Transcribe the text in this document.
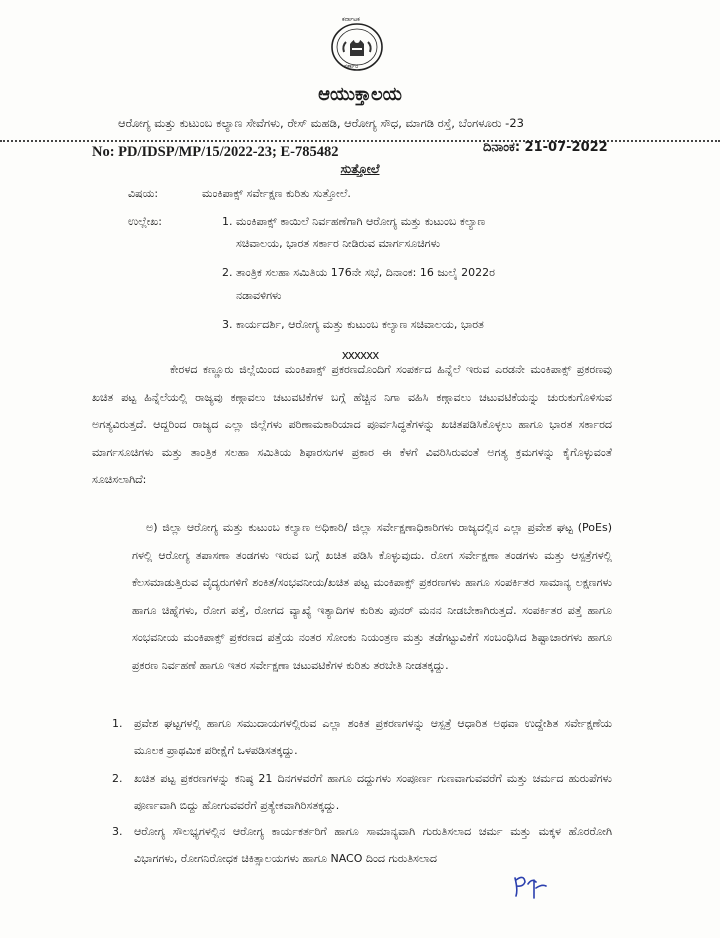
ಕರ್ನಾಟಕ
ಸರ್ಕಾರ
ಆಯುಕ್ತಾಲಯ
ಆರೋಗ್ಯ ಮತ್ತು ಕುಟುಂಬ ಕಲ್ಯಾಣ ಸೇವೆಗಳು, ರೇಸ್ ಮಹಡಿ, ಆರೋಗ್ಯ ಸೌಧ, ಮಾಗಡಿ ರಸ್ತೆ, ಬೆಂಗಳೂರು -23
No: PD/IDSP/MP/15/2022-23; E-785482	ದಿನಾಂಕ: 21-07-2022
ಸುತ್ತೋಲೆ
ವಿಷಯ:	ಮಂಕಿಪಾಕ್ಸ್ ಸರ್ವೇಕ್ಷಣ ಕುರಿತು ಸುತ್ತೋಲೆ.
ಉಲ್ಲೇಖ:	1. ಮಂಕಿಪಾಕ್ಸ್ ಕಾಯಿಲೆ ನಿರ್ವಹಣೆಗಾಗಿ ಆರೋಗ್ಯ ಮತ್ತು ಕುಟುಂಬ ಕಲ್ಯಾಣ
ಸಚಿವಾಲಯ, ಭಾರತ ಸರ್ಕಾರ ನೀಡಿರುವ ಮಾರ್ಗಸೂಚಿಗಳು
2. ತಾಂತ್ರಿಕ ಸಲಹಾ ಸಮಿತಿಯ 176ನೇ ಸಭೆ, ದಿನಾಂಕ: 16 ಜುಲೈ 2022ರ
ನಡಾವಳಿಗಳು
3. ಕಾರ್ಯದರ್ಶಿ, ಆರೋಗ್ಯ ಮತ್ತು ಕುಟುಂಬ ಕಲ್ಯಾಣ ಸಚಿವಾಲಯ, ಭಾರತ
xxxxxx
ಕೇರಳದ ಕಣ್ಣೂರು ಜಿಲ್ಲೆಯಿಂದ ಮಂಕಿಪಾಕ್ಸ್ ಪ್ರಕರಣದೊಂದಿಗೆ ಸಂಪರ್ಕದ ಹಿನ್ನೆಲೆ ಇರುವ ಎರಡನೇ ಮಂಕಿಪಾಕ್ಸ್ ಪ್ರಕರಣವು ಖಚಿತ ಪಟ್ಟ ಹಿನ್ನೆಲೆಯಲ್ಲಿ ರಾಜ್ಯವು ಕಣ್ಗಾವಲು ಚಟುವಟಿಕೆಗಳ ಬಗ್ಗೆ ಹೆಚ್ಚಿನ ನಿಗಾ ವಹಿಸಿ ಕಣ್ಗಾವಲು ಚಟುವಟಿಕೆಯನ್ನು ಚುರುಕುಗೊಳಿಸುವ ಅಗತ್ಯವಿರುತ್ತದೆ. ಆದ್ದರಿಂದ ರಾಜ್ಯದ ಎಲ್ಲಾ ಜಿಲ್ಲೆಗಳು ಪರಿಣಾಮಕಾರಿಯಾದ ಪೂರ್ವಸಿದ್ಧತೆಗಳನ್ನು ಖಚಿತಪಡಿಸಿಕೊಳ್ಳಲು ಹಾಗೂ ಭಾರತ ಸರ್ಕಾರದ ಮಾರ್ಗಸೂಚಿಗಳು ಮತ್ತು ತಾಂತ್ರಿಕ ಸಲಹಾ ಸಮಿತಿಯ ಶಿಫಾರಸುಗಳ ಪ್ರಕಾರ ಈ ಕೆಳಗೆ ವಿವರಿಸಿರುವಂತೆ ಅಗತ್ಯ ಕ್ರಮಗಳನ್ನು ಕೈಗೊಳ್ಳುವಂತೆ ಸೂಚಿಸಲಾಗಿದೆ:
ಅ) ಜಿಲ್ಲಾ ಆರೋಗ್ಯ ಮತ್ತು ಕುಟುಂಬ ಕಲ್ಯಾಣ ಅಧಿಕಾರಿ/ ಜಿಲ್ಲಾ ಸರ್ವೇಕ್ಷಣಾಧಿಕಾರಿಗಳು ರಾಜ್ಯದಲ್ಲಿನ ಎಲ್ಲಾ ಪ್ರವೇಶ ಘಟ್ಟ (PoEs) ಗಳಲ್ಲಿ ಆರೋಗ್ಯ ತಪಾಸಣಾ ತಂಡಗಳು ಇರುವ ಬಗ್ಗೆ ಖಚಿತ ಪಡಿಸಿ ಕೊಳ್ಳುವುದು. ರೋಗ ಸರ್ವೇಕ್ಷಣಾ ತಂಡಗಳು ಮತ್ತು ಆಸ್ಪತ್ರೆಗಳಲ್ಲಿ ಕೆಲಸಮಾಡುತ್ತಿರುವ ವೈದ್ಯರುಗಳಿಗೆ ಶಂಕಿತ/ಸಂಭವನೀಯ/ಖಚಿತ ಪಟ್ಟ ಮಂಕಿಪಾಕ್ಸ್ ಪ್ರಕರಣಗಳು ಹಾಗೂ ಸಂಪರ್ಕಿತರ ಸಾಮಾನ್ಯ ಲಕ್ಷಣಗಳು ಹಾಗೂ ಚಿಹ್ನೆಗಳು, ರೋಗ ಪತ್ತೆ, ರೋಗದ ವ್ಯಾಖ್ಯೆ ಇತ್ಯಾದಿಗಳ ಕುರಿತು ಪುನರ್ ಮನನ ನೀಡಬೇಕಾಗಿರುತ್ತದೆ. ಸಂಪರ್ಕಿತರ ಪತ್ತೆ ಹಾಗೂ ಸಂಭವನೀಯ ಮಂಕಿಪಾಕ್ಸ್ ಪ್ರಕರಣದ ಪತ್ತೆಯ ನಂತರ ಸೋಂಕು ನಿಯಂತ್ರಣ ಮತ್ತು ತಡೆಗಟ್ಟುವಿಕೆಗೆ ಸಂಬಂಧಿಸಿದ ಶಿಷ್ಟಾಚಾರಗಳು ಹಾಗೂ ಪ್ರಕರಣ ನಿರ್ವಹಣೆ ಹಾಗೂ ಇತರ ಸರ್ವೇಕ್ಷಣಾ ಚಟುವಟಿಕೆಗಳ ಕುರಿತು ತರಬೇತಿ ನೀಡತಕ್ಕದ್ದು.
1. ಪ್ರವೇಶ ಘಟ್ಟಗಳಲ್ಲಿ ಹಾಗೂ ಸಮುದಾಯಗಳಲ್ಲಿರುವ ಎಲ್ಲಾ ಶಂಕಿತ ಪ್ರಕರಣಗಳನ್ನು ಆಸ್ಪತ್ರೆ ಆಧಾರಿತ ಅಥವಾ ಉದ್ದೇಶಿತ ಸರ್ವೇಕ್ಷಣೆಯ ಮೂಲಕ ಪ್ರಾಥಮಿಕ ಪರೀಕ್ಷೆಗೆ ಒಳಪಡಿಸತಕ್ಕದ್ದು.
2. ಖಚಿತ ಪಟ್ಟ ಪ್ರಕರಣಗಳನ್ನು ಕನಿಷ್ಠ 21 ದಿನಗಳವರೆಗೆ ಹಾಗೂ ದದ್ದುಗಳು ಸಂಪೂರ್ಣ ಗುಣವಾಗುವವರೆಗೆ ಮತ್ತು ಚರ್ಮದ ಹುರುಪೆಗಳು ಪೂರ್ಣವಾಗಿ ಬಿದ್ದು ಹೋಗುವವರೆಗೆ ಪ್ರತ್ಯೇಕವಾಗಿರಿಸತಕ್ಕದ್ದು.
3. ಆರೋಗ್ಯ ಸೌಲಭ್ಯಗಳಲ್ಲಿನ ಆರೋಗ್ಯ ಕಾರ್ಯಕರ್ತರಿಗೆ ಹಾಗೂ ಸಾಮಾನ್ಯವಾಗಿ ಗುರುತಿಸಲಾದ ಚರ್ಮ ಮತ್ತು ಮಕ್ಕಳ ಹೊರರೋಗಿ ವಿಭಾಗಗಳು, ರೋಗನಿರೋಧಕ ಚಿಕಿತ್ಸಾಲಯಗಳು ಹಾಗೂ NACO ದಿಂದ ಗುರುತಿಸಲಾದ
